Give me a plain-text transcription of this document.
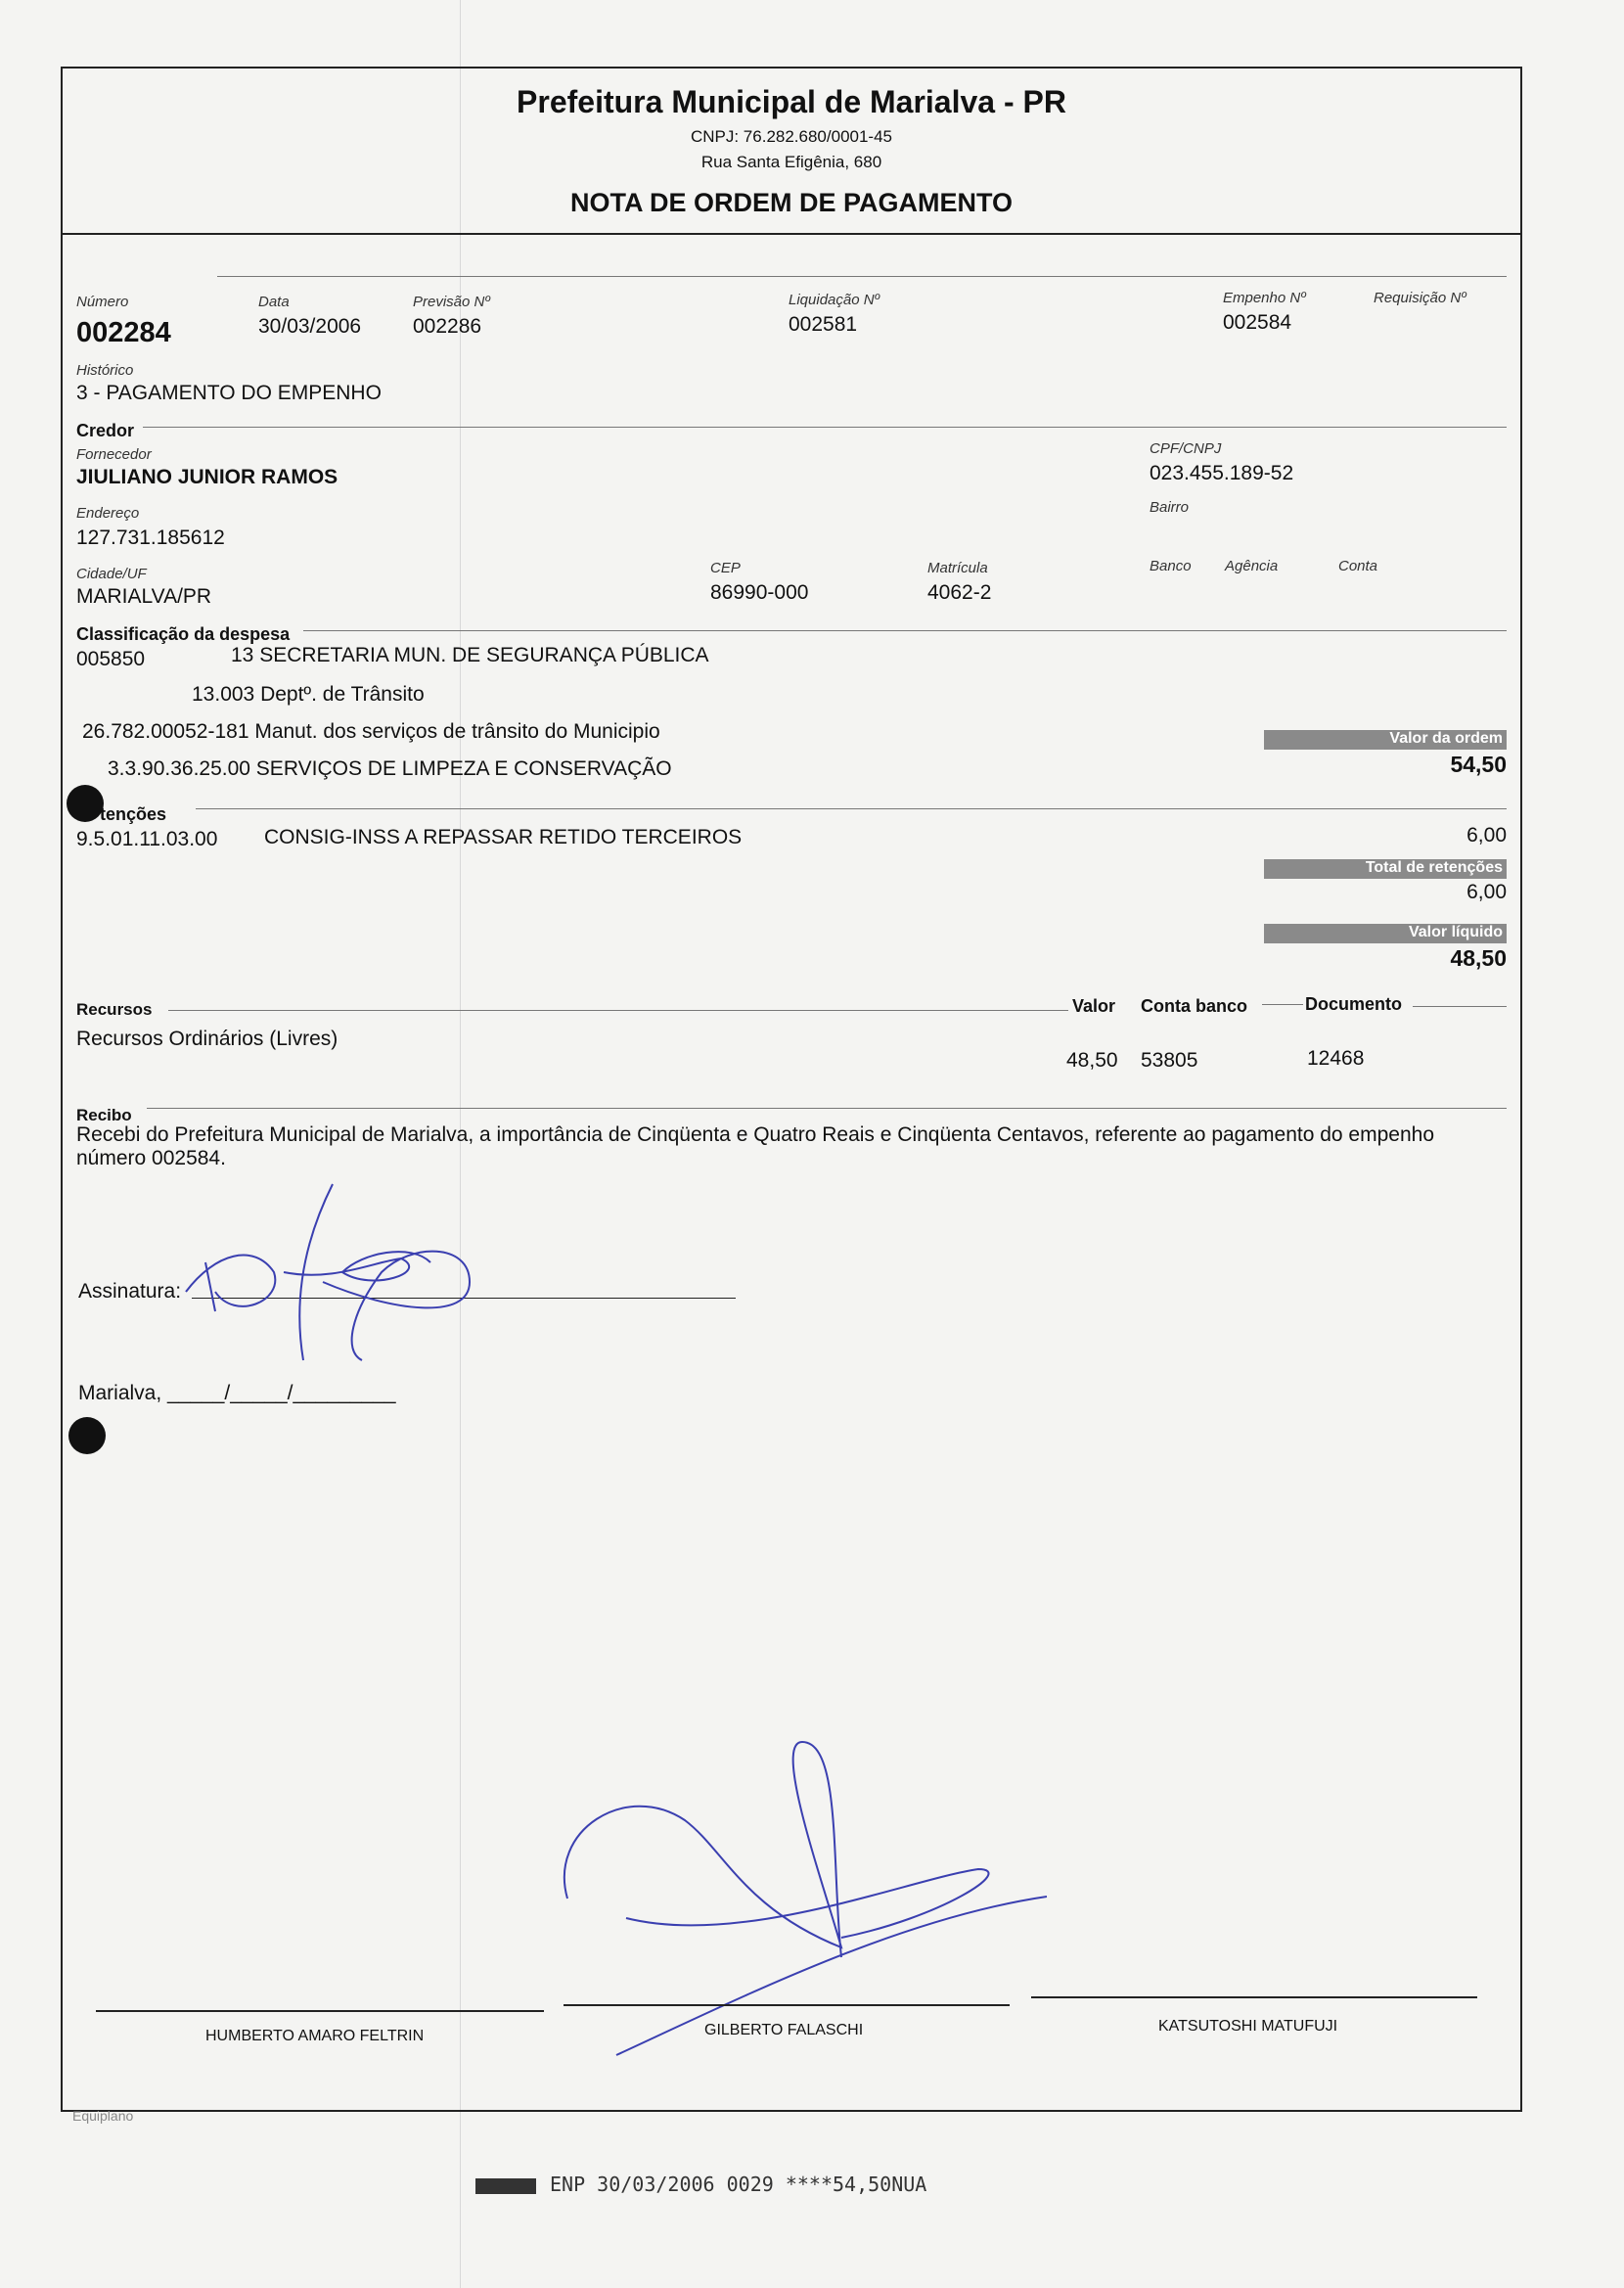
Prefeitura Municipal de Marialva - PR
CNPJ: 76.282.680/0001-45
Rua Santa Efigênia, 680
NOTA DE ORDEM DE PAGAMENTO
Número
002284
Data
30/03/2006
Previsão Nº
002286
Liquidação Nº
002581
Empenho Nº
002584
Requisição Nº
Histórico
3 - PAGAMENTO DO EMPENHO
Credor
Fornecedor
JIULIANO JUNIOR RAMOS
CPF/CNPJ
023.455.189-52
Endereço
127.731.185612
Bairro
Cidade/UF
MARIALVA/PR
CEP
86990-000
Matrícula
4062-2
Banco Agência	Conta
Classificação da despesa
005850	13 SECRETARIA MUN. DE SEGURANÇA PÚBLICA
13.003 Deptº. de Trânsito
26.782.00052-181 Manut. dos serviços de trânsito do Municipio
3.3.90.36.25.00 SERVIÇOS DE LIMPEZA E CONSERVAÇÃO
Valor da ordem
54,50
tenções
9.5.01.11.03.00 CONSIG-INSS A REPASSAR RETIDO TERCEIROS	6,00
Total de retenções
6,00
Valor líquido
48,50
Recursos	Valor Conta banco	Documento
Recursos Ordinários (Livres)
48,50 53805	12468
Recibo
Recebi do Prefeitura Municipal de Marialva, a importância de Cinqüenta e Quatro Reais e Cinqüenta Centavos, referente ao pagamento do empenho número 002584.
Assinatura:
Marialva, _____/_____/_________
HUMBERTO AMARO FELTRIN	GILBERTO FALASCHI	KATSUTOSHI MATUFUJI
Equiplano
ENP 30/03/2006 0029 ****54,50NUA
